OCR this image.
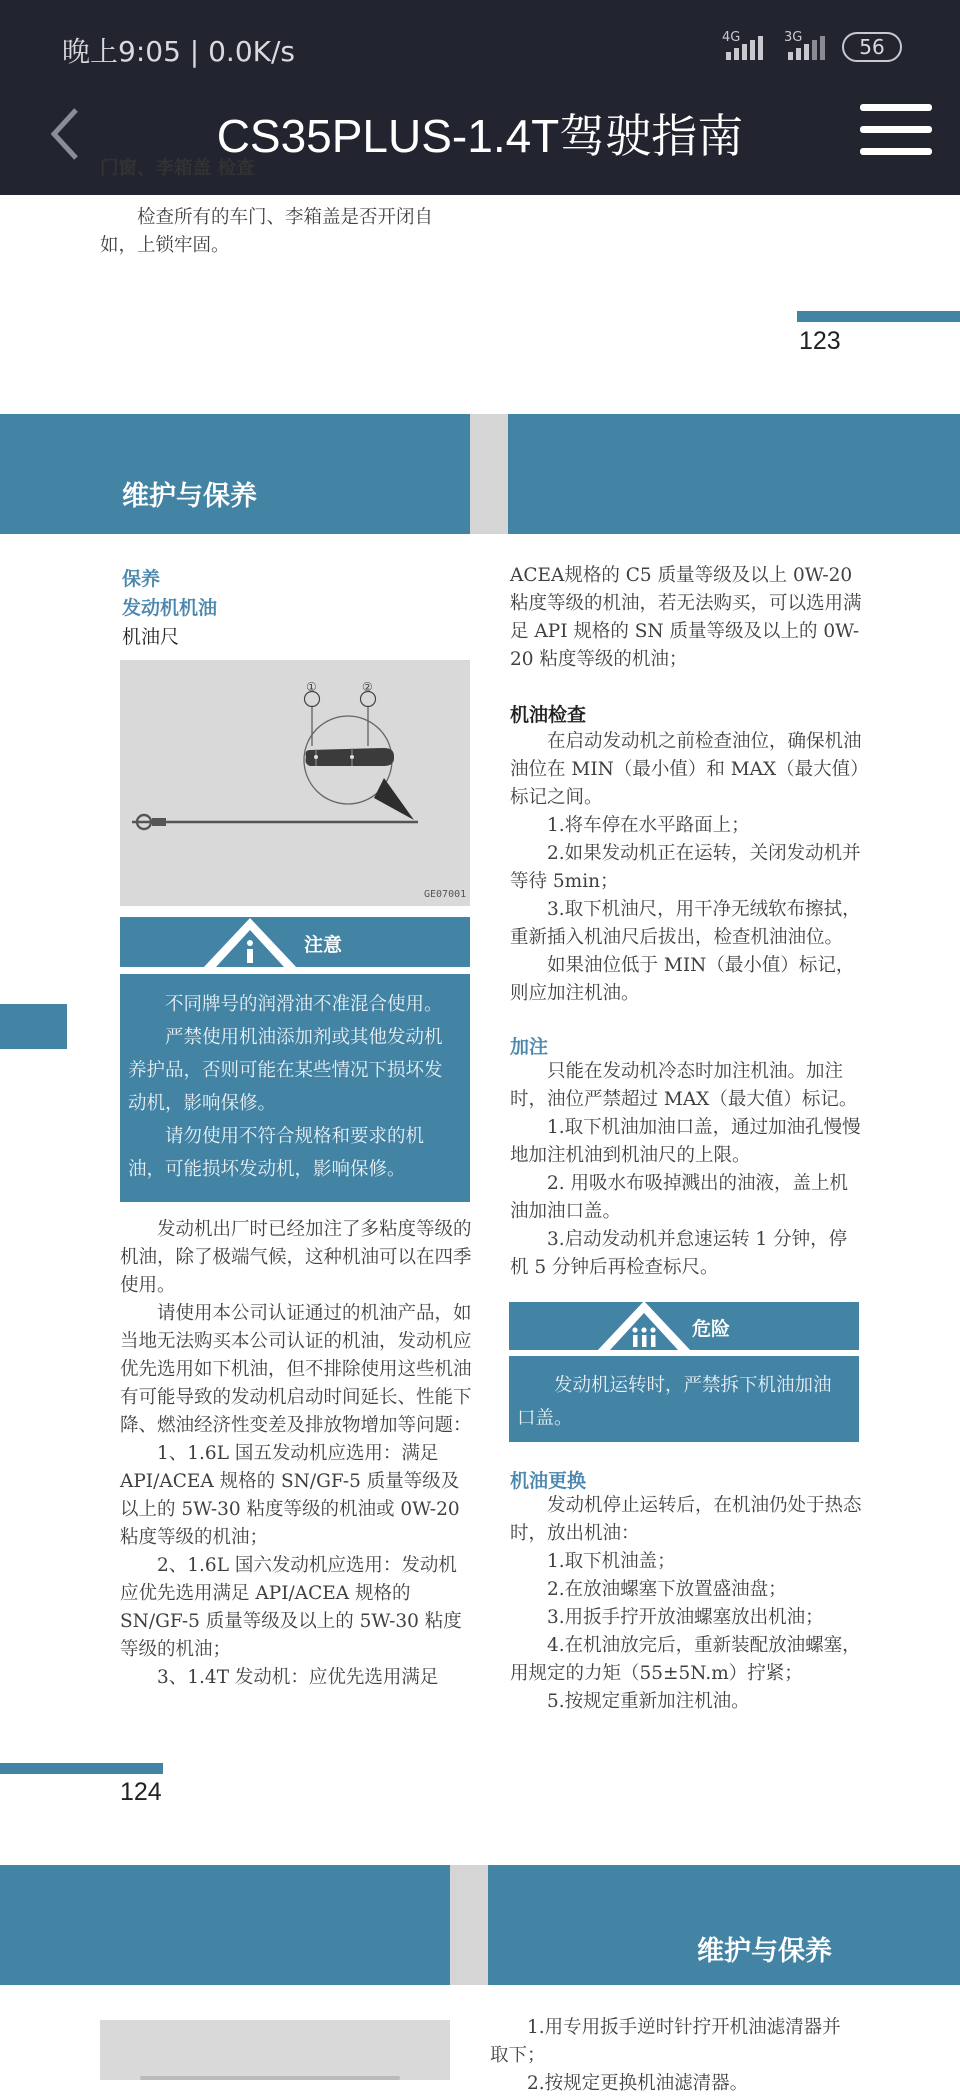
晚上9:05 | 0.0K/s	4G	3G	56
CS35PLUS-1.4T驾驶指南
门窗、李箱盖 检查

检查所有的车门、李箱盖是否开闭自

如，上锁牢固。

123
维护与保养
保养
发动机机油
机油尺
①	②
GE07001
注意

不同牌号的润滑油不准混合使用。

严禁使用机油添加剂或其他发动机养护品，否则可能在某些情况下损坏发动机，影响保修。

请勿使用不符合规格和要求的机油，可能损坏发动机，影响保修。

发动机出厂时已经加注了多粘度等级的机油，除了极端气候，这种机油可以在四季使用。

请使用本公司认证通过的机油产品，如当地无法购买本公司认证的机油，发动机应优先选用如下机油，但不排除使用这些机油有可能导致的发动机启动时间延长、性能下降、燃油经济性变差及排放物增加等问题：

1、1.6L 国五发动机应选用：满足 API/ACEA 规格的 SN/GF-5 质量等级及以上的 5W-30 粘度等级的机油或 0W-20 粘度等级的机油；

2、1.6L 国六发动机应选用：发动机应优先选用满足 API/ACEA 规格的 SN/GF-5 质量等级及以上的 5W-30 粘度等级的机油；

3、1.4T 发动机：应优先选用满足

ACEA规格的 C5 质量等级及以上 0W-20 粘度等级的机油，若无法购买，可以选用满足 API 规格的 SN 质量等级及以上的 0W-20 粘度等级的机油；
机油检查

在启动发动机之前检查油位，确保机油油位在 MIN（最小值）和 MAX（最大值）标记之间。

1.将车停在水平路面上；

2.如果发动机正在运转，关闭发动机并等待 5min；

3.取下机油尺，用干净无绒软布擦拭，重新插入机油尺后拔出，检查机油油位。

如果油位低于 MIN（最小值）标记，则应加注机油。

加注

只能在发动机冷态时加注机油。加注时，油位严禁超过 MAX（最大值）标记。

1.取下机油加油口盖，通过加油孔慢慢地加注机油到机油尺的上限。

2. 用吸水布吸掉溅出的油液，盖上机油加油口盖。

3.启动发动机并怠速运转 1 分钟，停机 5 分钟后再检查标尺。

危险

发动机运转时，严禁拆下机油加油口盖。

机油更换

发动机停止运转后，在机油仍处于热态时，放出机油：

1.取下机油盖；

2.在放油螺塞下放置盛油盘；

3.用扳手拧开放油螺塞放出机油；

4.在机油放完后，重新装配放油螺塞，用规定的力矩（55±5N.m）拧紧；

5.按规定重新加注机油。

124
维护与保养

1.用专用扳手逆时针拧开机油滤清器并取下；

2.按规定更换机油滤清器。
